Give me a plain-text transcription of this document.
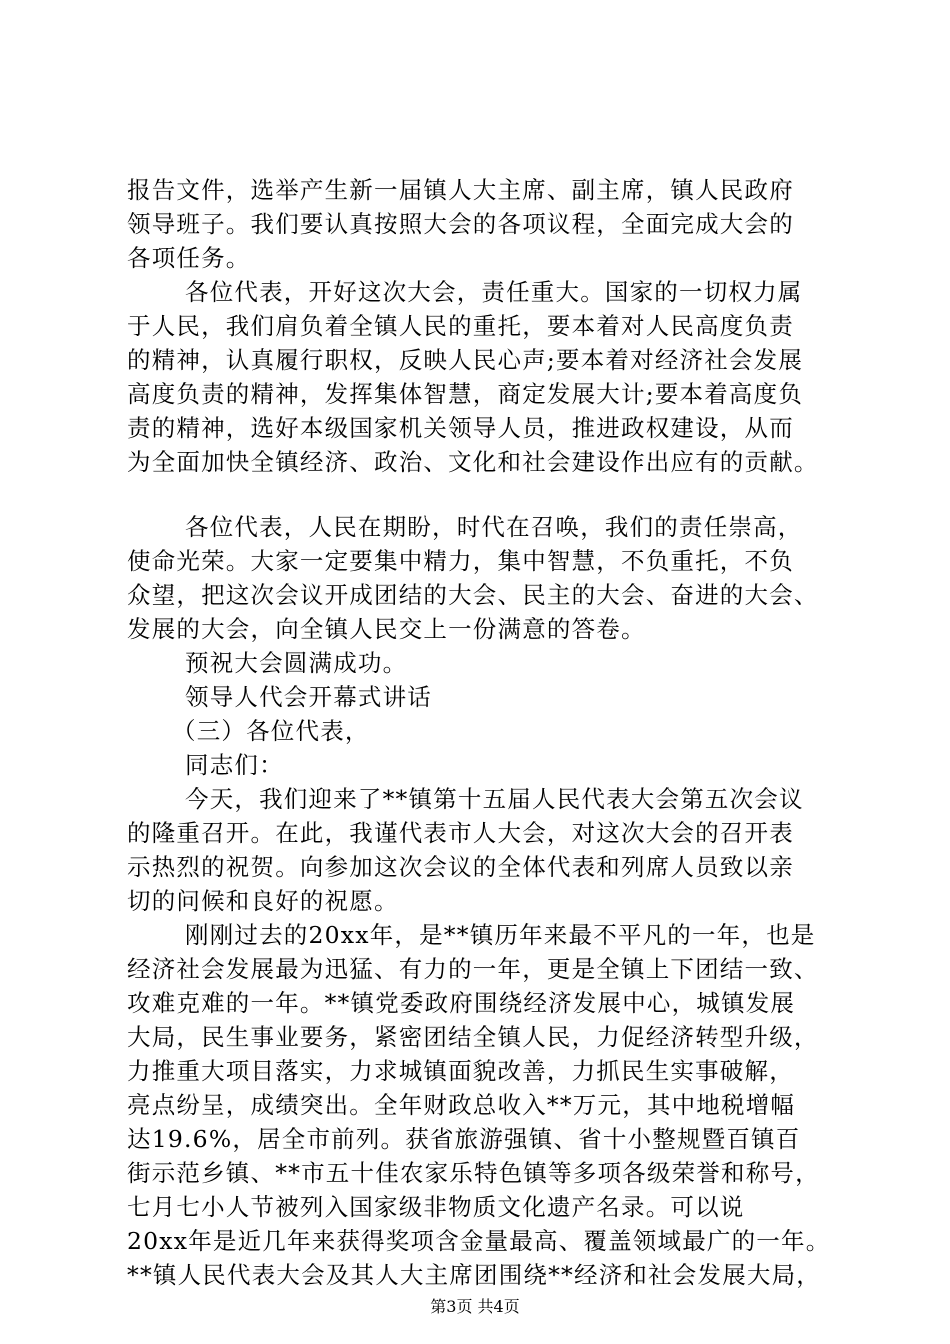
报告文件，选举产生新一届镇人大主席、副主席，镇人民政府
领导班子。我们要认真按照大会的各项议程，全面完成大会的
各项任务。
各位代表，开好这次大会，责任重大。国家的一切权力属
于人民，我们肩负着全镇人民的重托，要本着对人民高度负责
的精神，认真履行职权，反映人民心声;要本着对经济社会发展
高度负责的精神，发挥集体智慧，商定发展大计;要本着高度负
责的精神，选好本级国家机关领导人员，推进政权建设，从而
为全面加快全镇经济、政治、文化和社会建设作出应有的贡献。
各位代表，人民在期盼，时代在召唤，我们的责任崇高，
使命光荣。大家一定要集中精力，集中智慧，不负重托，不负
众望，把这次会议开成团结的大会、民主的大会、奋进的大会、
发展的大会，向全镇人民交上一份满意的答卷。
预祝大会圆满成功。
领导人代会开幕式讲话
（三）各位代表，
同志们：
今天，我们迎来了**镇第十五届人民代表大会第五次会议
的隆重召开。在此，我谨代表市人大会，对这次大会的召开表
示热烈的祝贺。向参加这次会议的全体代表和列席人员致以亲
切的问候和良好的祝愿。
刚刚过去的20xx年，是**镇历年来最不平凡的一年，也是
经济社会发展最为迅猛、有力的一年，更是全镇上下团结一致、
攻难克难的一年。**镇党委政府围绕经济发展中心，城镇发展
大局，民生事业要务，紧密团结全镇人民，力促经济转型升级，
力推重大项目落实，力求城镇面貌改善，力抓民生实事破解，
亮点纷呈，成绩突出。全年财政总收入**万元，其中地税增幅
达19.6%，居全市前列。获省旅游强镇、省十小整规暨百镇百
街示范乡镇、**市五十佳农家乐特色镇等多项各级荣誉和称号，
七月七小人节被列入国家级非物质文化遗产名录。可以说
20xx年是近几年来获得奖项含金量最高、覆盖领域最广的一年。
**镇人民代表大会及其人大主席团围绕**经济和社会发展大局，
第3页 共4页
